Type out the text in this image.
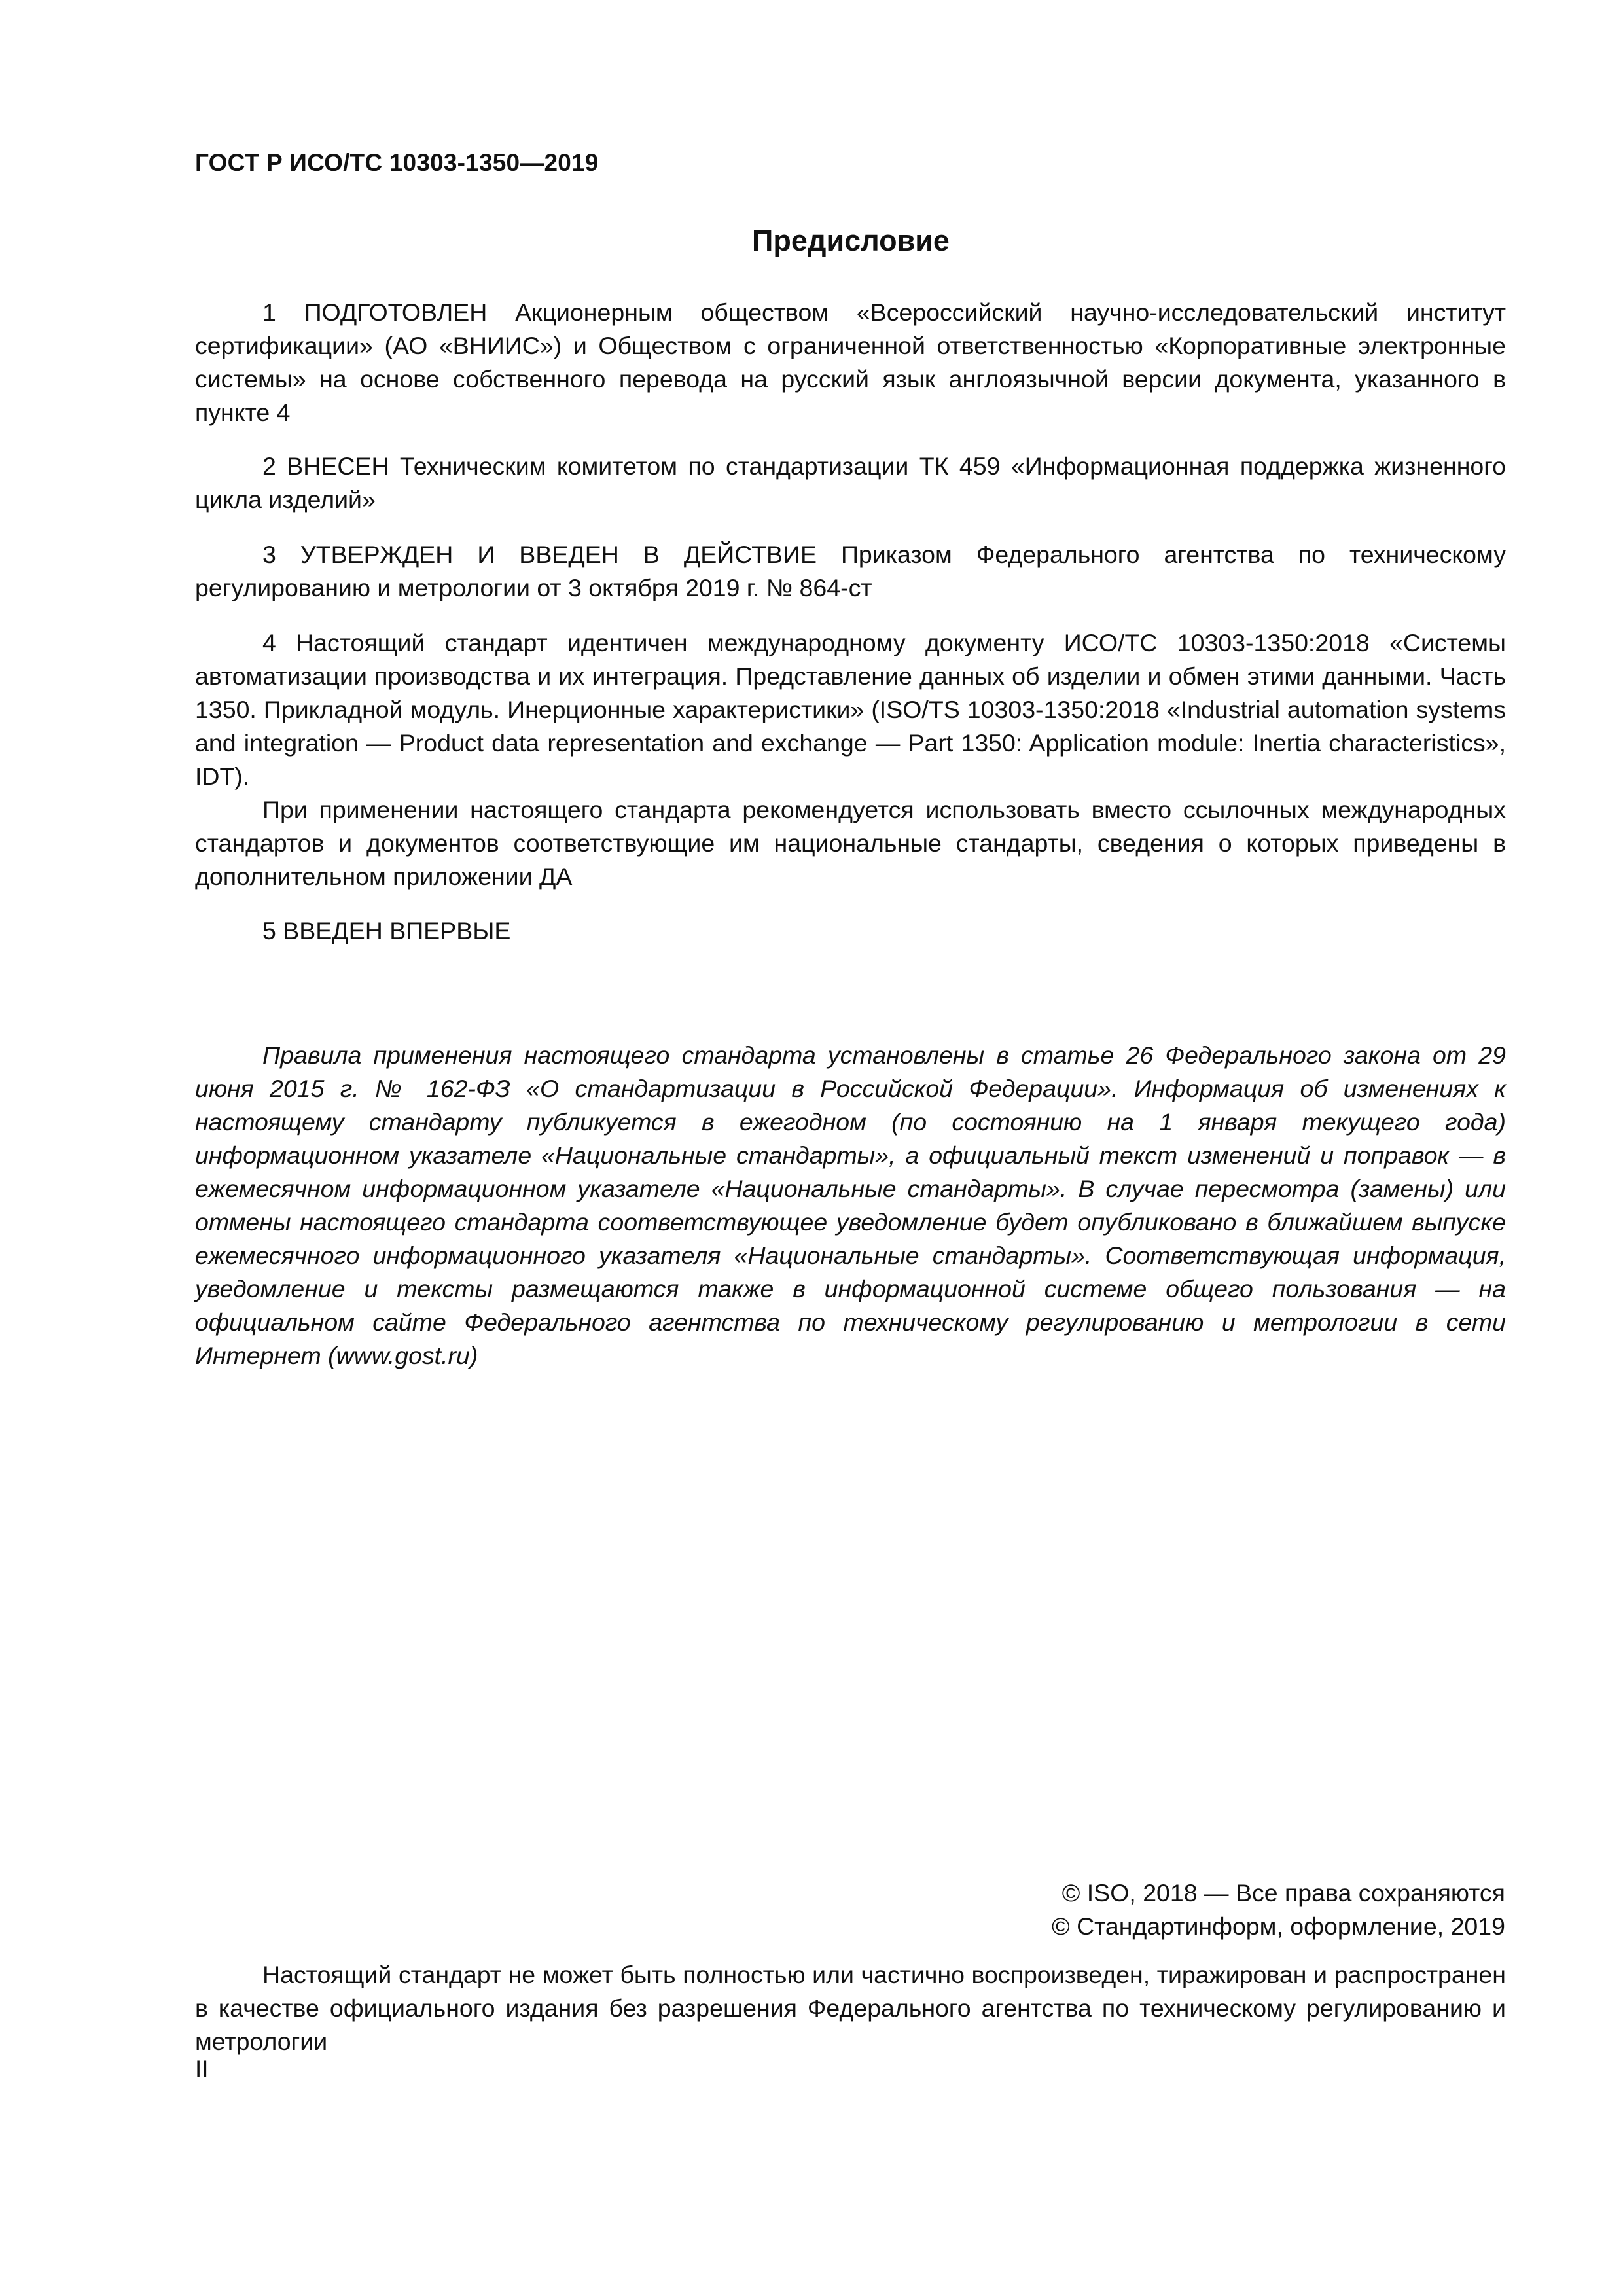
ГОСТ Р ИСО/ТС 10303-1350—2019
Предисловие

1 ПОДГОТОВЛЕН Акционерным обществом «Всероссийский научно-исследовательский институт сертификации» (АО «ВНИИС») и Обществом с ограниченной ответственностью «Корпоративные электронные системы» на основе собственного перевода на русский язык англоязычной версии документа, указанного в пункте 4

2 ВНЕСЕН Техническим комитетом по стандартизации ТК 459 «Информационная поддержка жизненного цикла изделий»

3 УТВЕРЖДЕН И ВВЕДЕН В ДЕЙСТВИЕ Приказом Федерального агентства по техническому регулированию и метрологии от 3 октября 2019 г. № 864-ст

4 Настоящий стандарт идентичен международному документу ИСО/ТС 10303-1350:2018 «Системы автоматизации производства и их интеграция. Представление данных об изделии и обмен этими данными. Часть 1350. Прикладной модуль. Инерционные характеристики» (ISO/TS 10303-1350:2018 «Industrial automation systems and integration — Product data representation and exchange — Part 1350: Application module: Inertia characteristics», IDT).

При применении настоящего стандарта рекомендуется использовать вместо ссылочных международных стандартов и документов соответствующие им национальные стандарты, сведения о которых приведены в дополнительном приложении ДА

5 ВВЕДЕН ВПЕРВЫЕ

Правила применения настоящего стандарта установлены в статье 26 Федерального закона от 29 июня 2015 г. № 162-ФЗ «О стандартизации в Российской Федерации». Информация об изменениях к настоящему стандарту публикуется в ежегодном (по состоянию на 1 января текущего года) информационном указателе «Национальные стандарты», а официальный текст изменений и поправок — в ежемесячном информационном указателе «Национальные стандарты». В случае пересмотра (замены) или отмены настоящего стандарта соответствующее уведомление будет опубликовано в ближайшем выпуске ежемесячного информационного указателя «Национальные стандарты». Соответствующая информация, уведомление и тексты размещаются также в информационной системе общего пользования — на официальном сайте Федерального агентства по техническому регулированию и метрологии в сети Интернет (www.gost.ru)

© ISO, 2018 — Все права сохраняются
© Стандартинформ, оформление, 2019

Настоящий стандарт не может быть полностью или частично воспроизведен, тиражирован и распространен в качестве официального издания без разрешения Федерального агентства по техническому регулированию и метрологии

II
